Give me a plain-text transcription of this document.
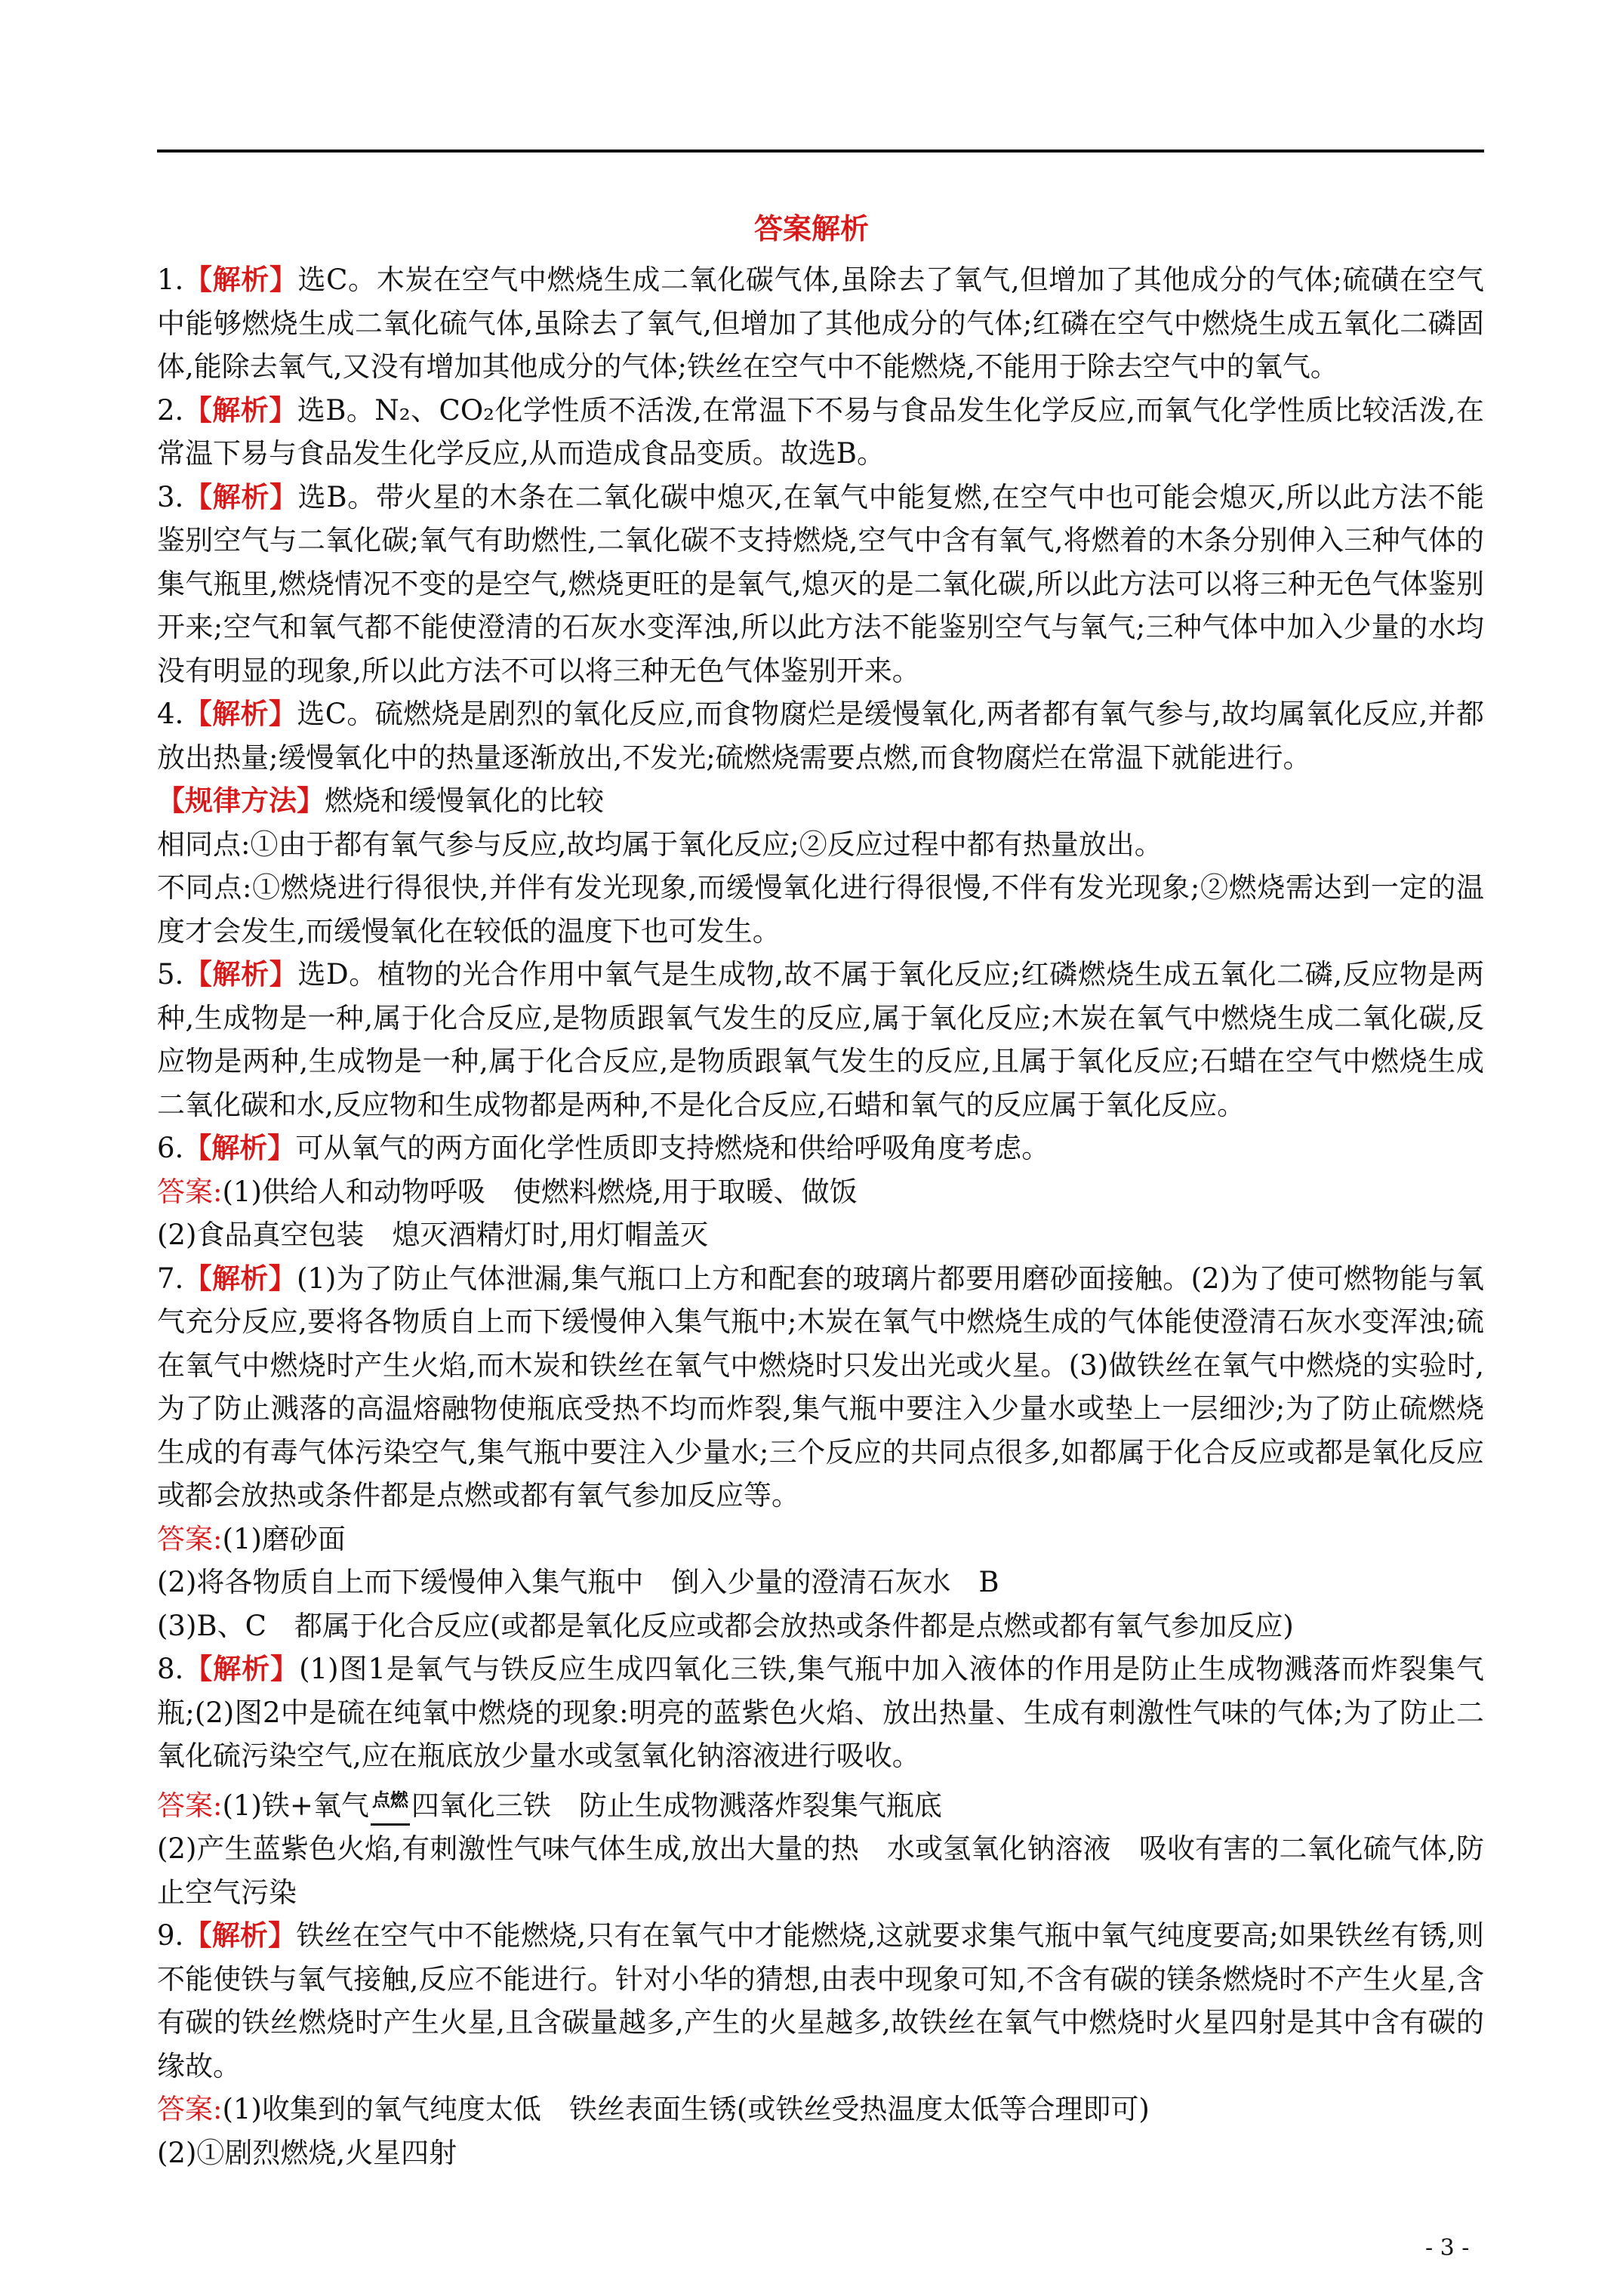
答案解析

1.【解析】选C。木炭在空气中燃烧生成二氧化碳气体,虽除去了氧气,但增加了其他成分的气体;硫磺在空气中能够燃烧生成二氧化硫气体,虽除去了氧气,但增加了其他成分的气体;红磷在空气中燃烧生成五氧化二磷固体,能除去氧气,又没有增加其他成分的气体;铁丝在空气中不能燃烧,不能用于除去空气中的氧气。

2.【解析】选B。N₂、CO₂化学性质不活泼,在常温下不易与食品发生化学反应,而氧气化学性质比较活泼,在常温下易与食品发生化学反应,从而造成食品变质。故选B。

3.【解析】选B。带火星的木条在二氧化碳中熄灭,在氧气中能复燃,在空气中也可能会熄灭,所以此方法不能鉴别空气与二氧化碳;氧气有助燃性,二氧化碳不支持燃烧,空气中含有氧气,将燃着的木条分别伸入三种气体的集气瓶里,燃烧情况不变的是空气,燃烧更旺的是氧气,熄灭的是二氧化碳,所以此方法可以将三种无色气体鉴别开来;空气和氧气都不能使澄清的石灰水变浑浊,所以此方法不能鉴别空气与氧气;三种气体中加入少量的水均没有明显的现象,所以此方法不可以将三种无色气体鉴别开来。

4.【解析】选C。硫燃烧是剧烈的氧化反应,而食物腐烂是缓慢氧化,两者都有氧气参与,故均属氧化反应,并都放出热量;缓慢氧化中的热量逐渐放出,不发光;硫燃烧需要点燃,而食物腐烂在常温下就能进行。

【规律方法】燃烧和缓慢氧化的比较

相同点:①由于都有氧气参与反应,故均属于氧化反应;②反应过程中都有热量放出。

不同点:①燃烧进行得很快,并伴有发光现象,而缓慢氧化进行得很慢,不伴有发光现象;②燃烧需达到一定的温度才会发生,而缓慢氧化在较低的温度下也可发生。

5.【解析】选D。植物的光合作用中氧气是生成物,故不属于氧化反应;红磷燃烧生成五氧化二磷,反应物是两种,生成物是一种,属于化合反应,是物质跟氧气发生的反应,属于氧化反应;木炭在氧气中燃烧生成二氧化碳,反应物是两种,生成物是一种,属于化合反应,是物质跟氧气发生的反应,且属于氧化反应;石蜡在空气中燃烧生成二氧化碳和水,反应物和生成物都是两种,不是化合反应,石蜡和氧气的反应属于氧化反应。

6.【解析】可从氧气的两方面化学性质即支持燃烧和供给呼吸角度考虑。

答案:(1)供给人和动物呼吸　使燃料燃烧,用于取暖、做饭

(2)食品真空包装　熄灭酒精灯时,用灯帽盖灭

7.【解析】(1)为了防止气体泄漏,集气瓶口上方和配套的玻璃片都要用磨砂面接触。(2)为了使可燃物能与氧气充分反应,要将各物质自上而下缓慢伸入集气瓶中;木炭在氧气中燃烧生成的气体能使澄清石灰水变浑浊;硫在氧气中燃烧时产生火焰,而木炭和铁丝在氧气中燃烧时只发出光或火星。(3)做铁丝在氧气中燃烧的实验时,为了防止溅落的高温熔融物使瓶底受热不均而炸裂,集气瓶中要注入少量水或垫上一层细沙;为了防止硫燃烧生成的有毒气体污染空气,集气瓶中要注入少量水;三个反应的共同点很多,如都属于化合反应或都是氧化反应或都会放热或条件都是点燃或都有氧气参加反应等。

答案:(1)磨砂面

(2)将各物质自上而下缓慢伸入集气瓶中　倒入少量的澄清石灰水　B

(3)B、C　都属于化合反应(或都是氧化反应或都会放热或条件都是点燃或都有氧气参加反应)

8.【解析】(1)图1是氧气与铁反应生成四氧化三铁,集气瓶中加入液体的作用是防止生成物溅落而炸裂集气瓶;(2)图2中是硫在纯氧中燃烧的现象:明亮的蓝紫色火焰、放出热量、生成有刺激性气味的气体;为了防止二氧化硫污染空气,应在瓶底放少量水或氢氧化钠溶液进行吸收。

答案:(1)铁+氧气 点燃 四氧化三铁　防止生成物溅落炸裂集气瓶底

(2)产生蓝紫色火焰,有刺激性气味气体生成,放出大量的热　水或氢氧化钠溶液　吸收有害的二氧化硫气体,防止空气污染

9.【解析】铁丝在空气中不能燃烧,只有在氧气中才能燃烧,这就要求集气瓶中氧气纯度要高;如果铁丝有锈,则不能使铁与氧气接触,反应不能进行。针对小华的猜想,由表中现象可知,不含有碳的镁条燃烧时不产生火星,含有碳的铁丝燃烧时产生火星,且含碳量越多,产生的火星越多,故铁丝在氧气中燃烧时火星四射是其中含有碳的缘故。

答案:(1)收集到的氧气纯度太低　铁丝表面生锈(或铁丝受热温度太低等合理即可)

(2)①剧烈燃烧,火星四射

- 3 -
